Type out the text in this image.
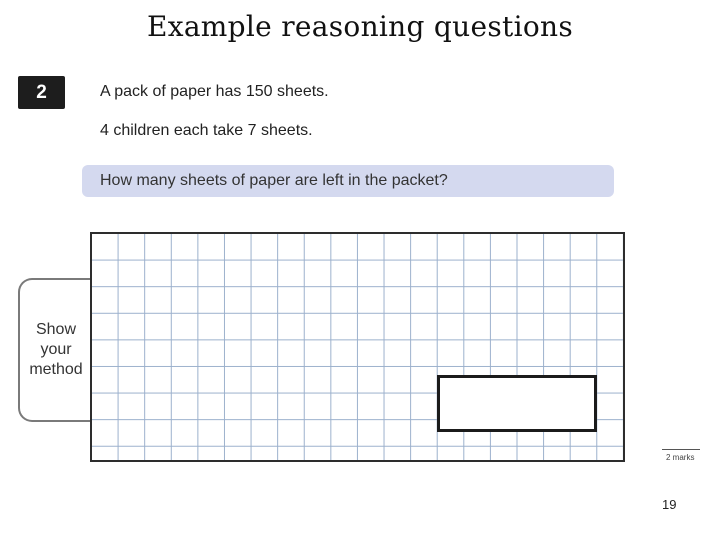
Example reasoning questions
2	A pack of paper has 150 sheets.
4 children each take 7 sheets.
How many sheets of paper are left in the packet?
Show
your
method
2 marks
19
